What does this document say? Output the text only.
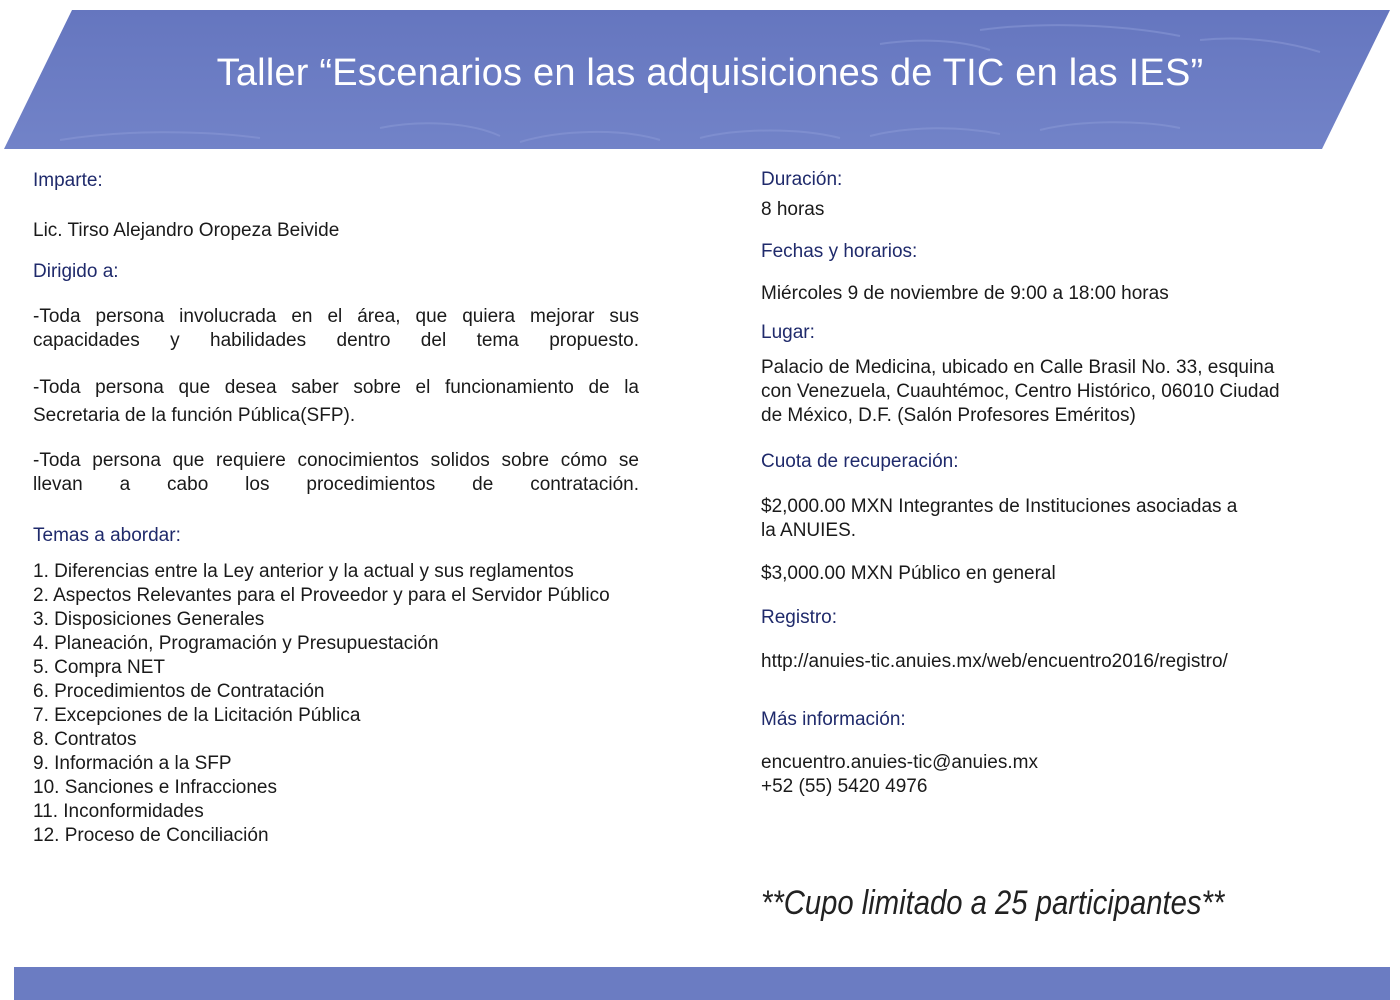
Taller “Escenarios en las adquisiciones de TIC en las IES”
Imparte:
Lic. Tirso Alejandro Oropeza Beivide
Dirigido a:
-Toda persona involucrada en el área, que quiera mejorar sus capacidades y habilidades dentro del tema propuesto.
-Toda persona que desea saber sobre el funcionamiento de la Secretaria de la función Pública(SFP).
-Toda persona que requiere conocimientos solidos sobre cómo se llevan a cabo los procedimientos de contratación.
Temas a abordar:
1. Diferencias entre la Ley anterior y la actual y sus reglamentos
2. Aspectos Relevantes para el Proveedor y para el Servidor Público
3. Disposiciones Generales
4. Planeación, Programación y Presupuestación
5. Compra NET
6. Procedimientos de Contratación
7. Excepciones de la Licitación Pública
8. Contratos
9. Información a la SFP
10. Sanciones e Infracciones
11. Inconformidades
12. Proceso de Conciliación
Duración:
8 horas
Fechas y horarios:
Miércoles 9 de noviembre de 9:00 a 18:00 horas
Lugar:
Palacio de Medicina, ubicado en Calle Brasil No. 33, esquina
con Venezuela, Cuauhtémoc, Centro Histórico, 06010 Ciudad
de México, D.F. (Salón Profesores Eméritos)
Cuota de recuperación:
$2,000.00 MXN Integrantes de Instituciones asociadas a
la ANUIES.
$3,000.00 MXN Público en general
Registro:
http://anuies-tic.anuies.mx/web/encuentro2016/registro/
Más información:
encuentro.anuies-tic@anuies.mx
+52 (55) 5420 4976
**Cupo limitado a 25 participantes**
